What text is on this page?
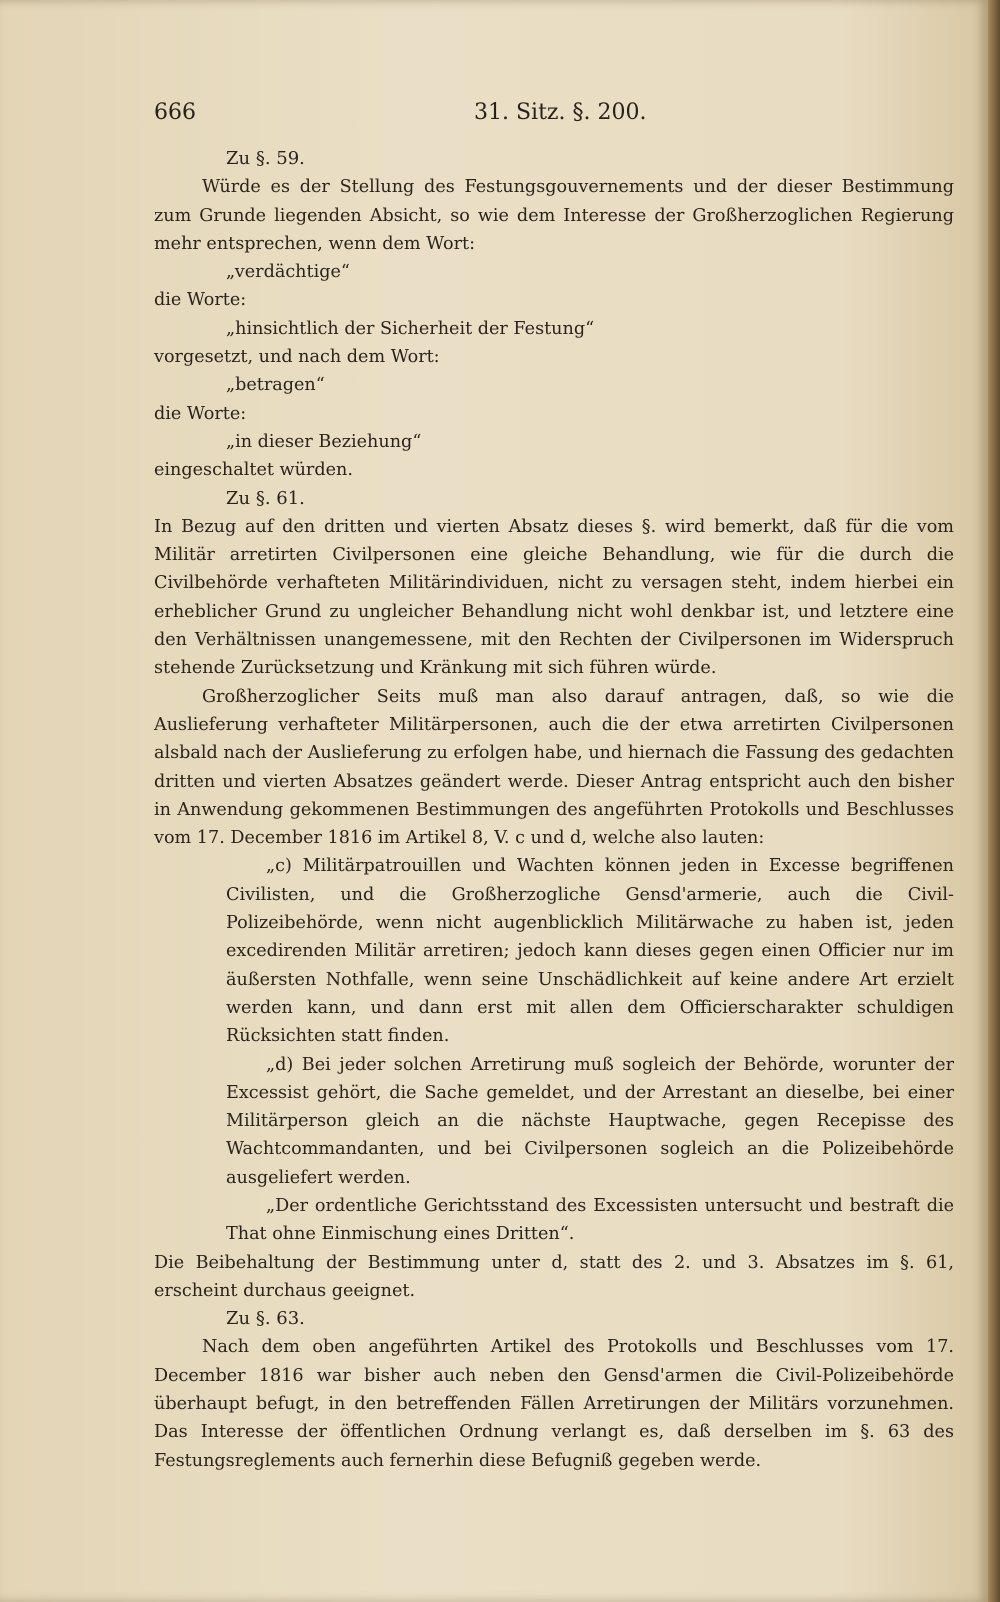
666	31. Sitz. §. 200.

Zu §. 59.

Würde es der Stellung des Festungsgouvernements und der dieser Bestimmung zum Grunde liegenden Absicht, so wie dem Interesse der Großherzoglichen Regierung mehr entsprechen, wenn dem Wort:

„verdächtige“

die Worte:

„hinsichtlich der Sicherheit der Festung“

vorgesetzt, und nach dem Wort:

„betragen“

die Worte:

„in dieser Beziehung“

eingeschaltet würden.

Zu §. 61.

In Bezug auf den dritten und vierten Absatz dieses §. wird bemerkt, daß für die vom Militär arretirten Civilpersonen eine gleiche Behandlung, wie für die durch die Civilbehörde verhafteten Militärindividuen, nicht zu versagen steht, indem hierbei ein erheblicher Grund zu ungleicher Behandlung nicht wohl denkbar ist, und letztere eine den Verhältnissen unangemessene, mit den Rechten der Civilpersonen im Widerspruch stehende Zurücksetzung und Kränkung mit sich führen würde.

Großherzoglicher Seits muß man also darauf antragen, daß, so wie die Auslieferung verhafteter Militärpersonen, auch die der etwa arretirten Civilpersonen alsbald nach der Auslieferung zu erfolgen habe, und hiernach die Fassung des gedachten dritten und vierten Absatzes geändert werde. Dieser Antrag entspricht auch den bisher in Anwendung gekommenen Bestimmungen des angeführten Protokolls und Beschlusses vom 17. December 1816 im Artikel 8, V. c und d, welche also lauten:

„c) Militärpatrouillen und Wachten können jeden in Excesse begriffenen Civilisten, und die Großherzogliche Gensd'armerie, auch die Civil-Polizeibehörde, wenn nicht augenblicklich Militärwache zu haben ist, jeden excedirenden Militär arretiren; jedoch kann dieses gegen einen Officier nur im äußersten Nothfalle, wenn seine Unschädlichkeit auf keine andere Art erzielt werden kann, und dann erst mit allen dem Officierscharakter schuldigen Rücksichten statt finden.

„d) Bei jeder solchen Arretirung muß sogleich der Behörde, worunter der Excessist gehört, die Sache gemeldet, und der Arrestant an dieselbe, bei einer Militärperson gleich an die nächste Hauptwache, gegen Recepisse des Wachtcommandanten, und bei Civilpersonen sogleich an die Polizeibehörde ausgeliefert werden.

„Der ordentliche Gerichtsstand des Excessisten untersucht und bestraft die That ohne Einmischung eines Dritten“.

Die Beibehaltung der Bestimmung unter d, statt des 2. und 3. Absatzes im §. 61, erscheint durchaus geeignet.

Zu §. 63.

Nach dem oben angeführten Artikel des Protokolls und Beschlusses vom 17. December 1816 war bisher auch neben den Gensd'armen die Civil-Polizeibehörde überhaupt befugt, in den betreffenden Fällen Arretirungen der Militärs vorzunehmen. Das Interesse der öffentlichen Ordnung verlangt es, daß derselben im §. 63 des Festungsreglements auch fernerhin diese Befugniß gegeben werde.
